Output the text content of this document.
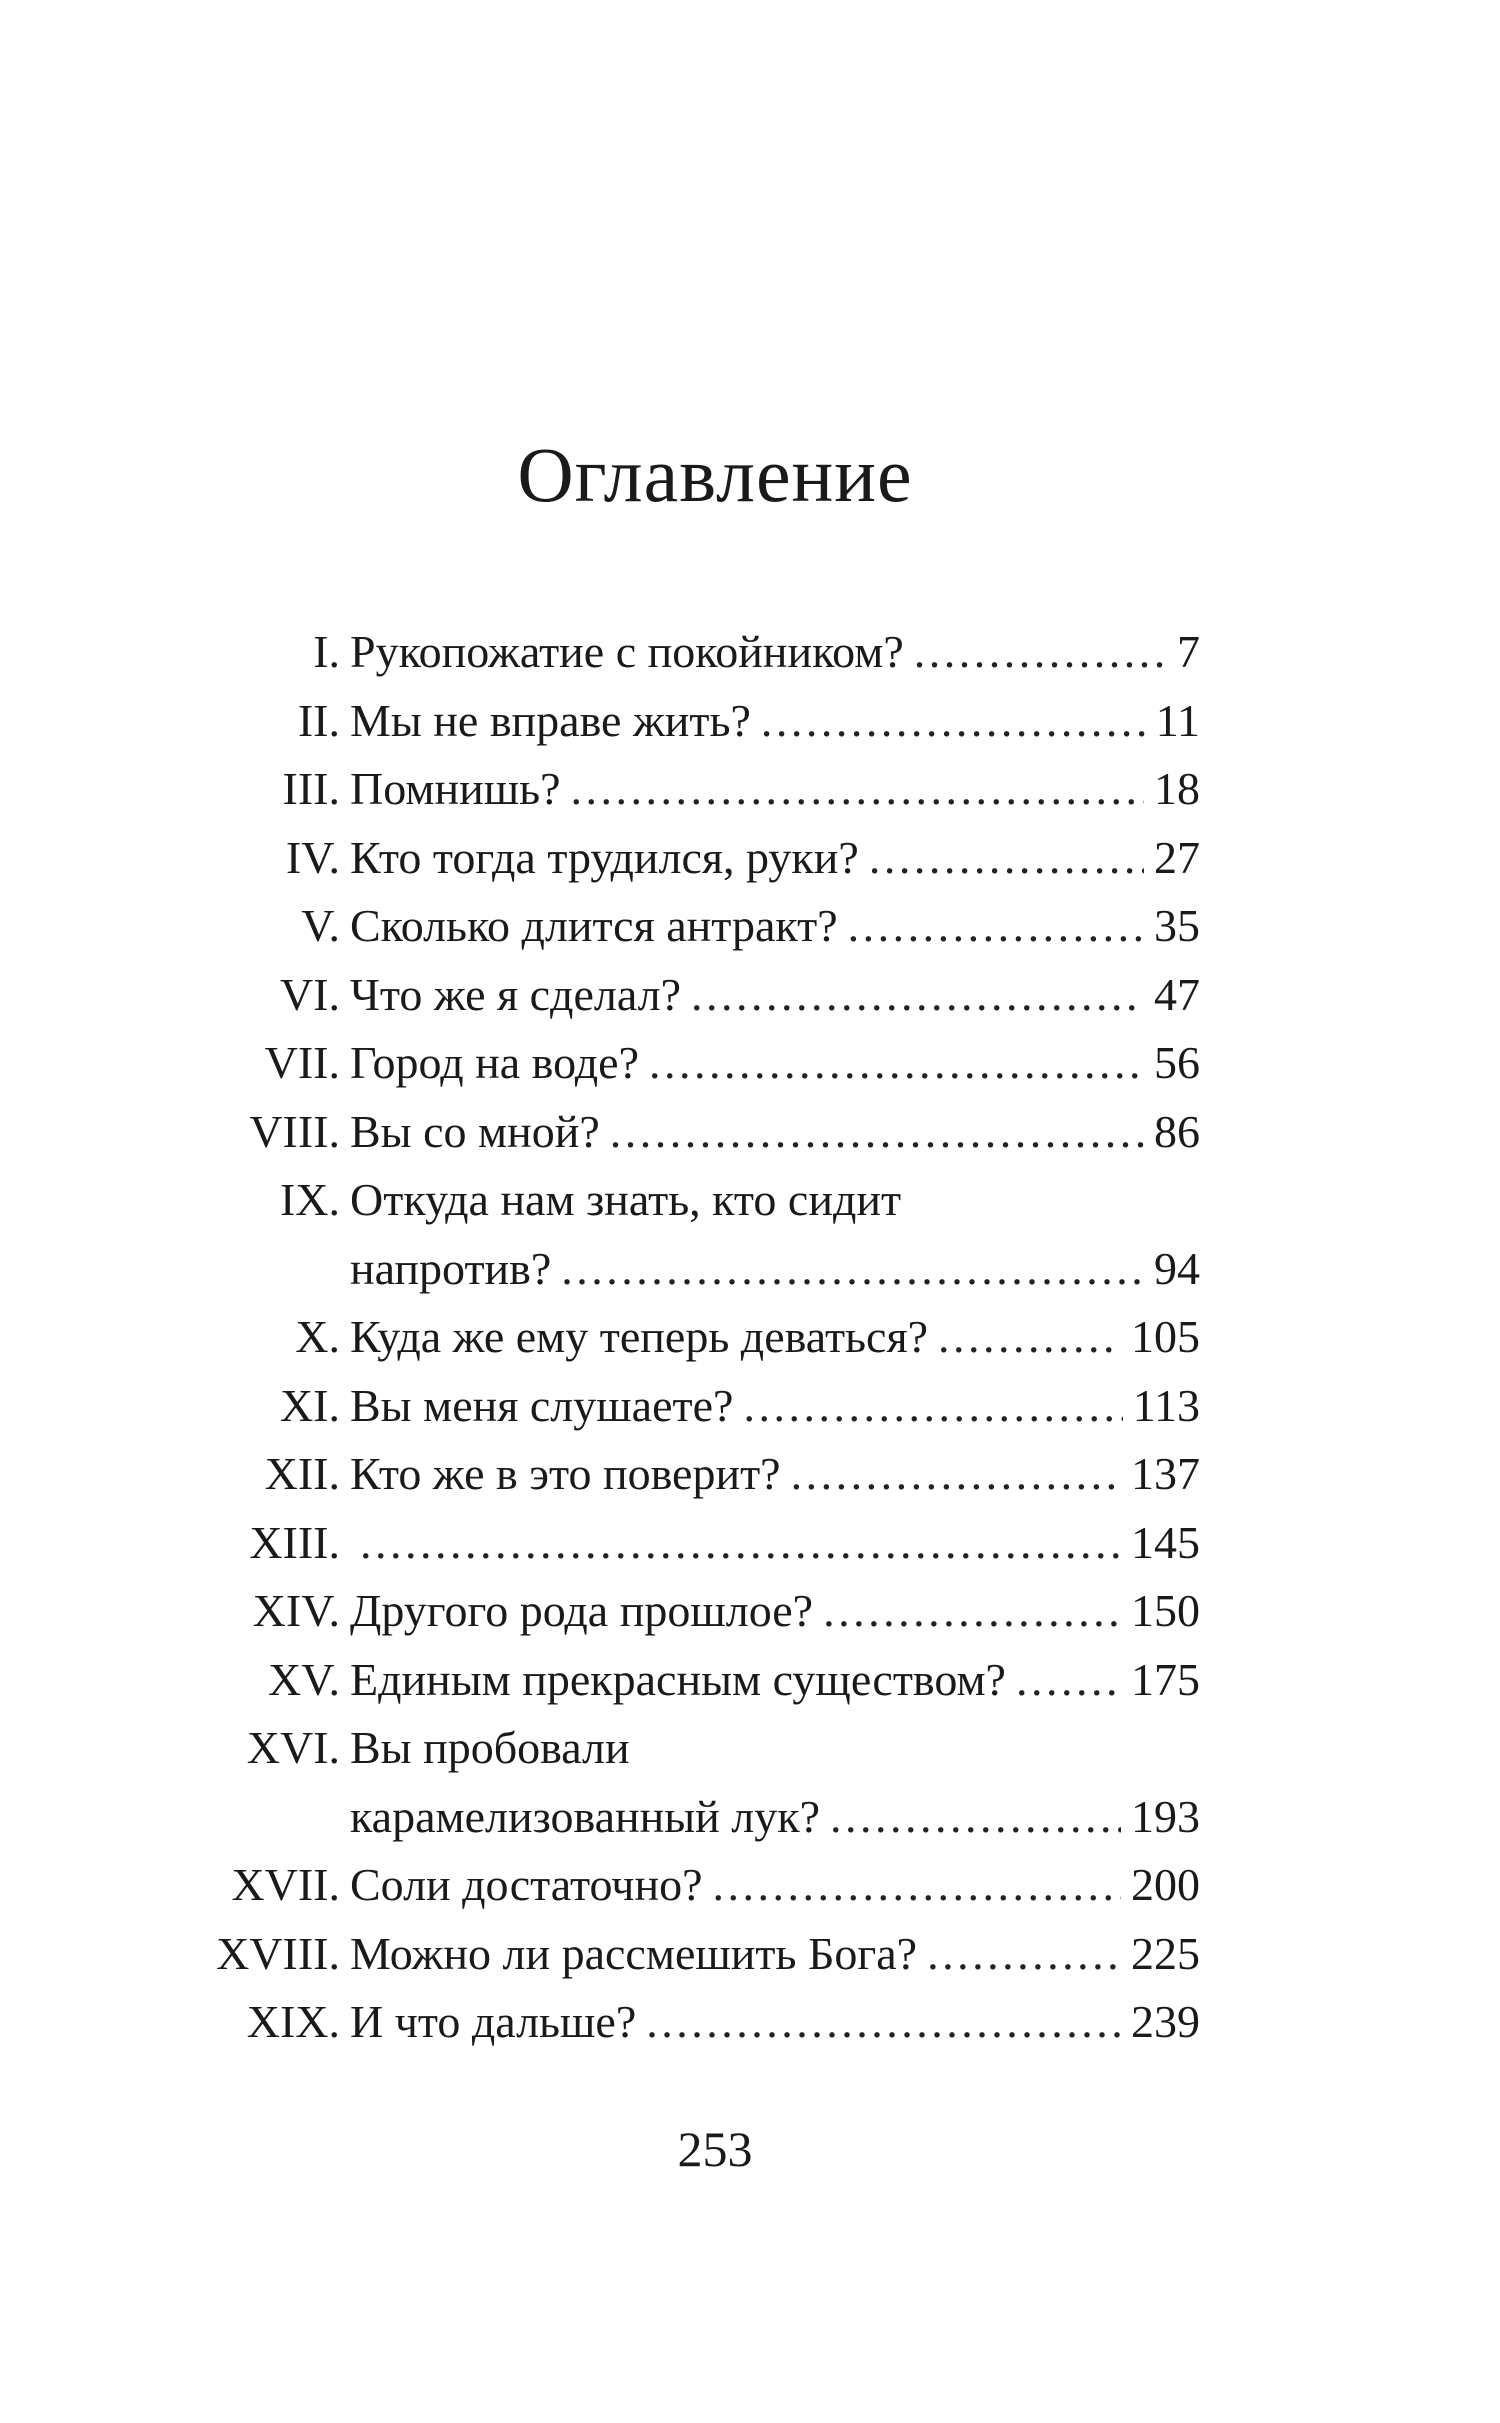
Оглавление
I. Рукопожатие с покойником? . . .	7
II. Мы не вправе жить? . . .	11
III. Помнишь? . . .	18
IV. Кто тогда трудился, руки? . . .	27
V. Сколько длится антракт? . . .	35
VI. Что же я сделал? . . .	47
VII. Город на воде? . . .	56
VIII. Вы со мной? . . .	86
IX. Откуда нам знать, кто сидит
напротив? . . .	94
X. Куда же ему теперь деваться? . . .	105
XI. Вы меня слушаете? . . .	113
XII. Кто же в это поверит? . . .	137
XIII. . . .	145
XIV. Другого рода прошлое? . . .	150
XV. Единым прекрасным существом? . . .	175
XVI. Вы пробовали
карамелизованный лук? . . .	193
XVII. Соли достаточно? . . .	200
XVIII. Можно ли рассмешить Бога? . . .	225
XIX. И что дальше? . . .	239
253
